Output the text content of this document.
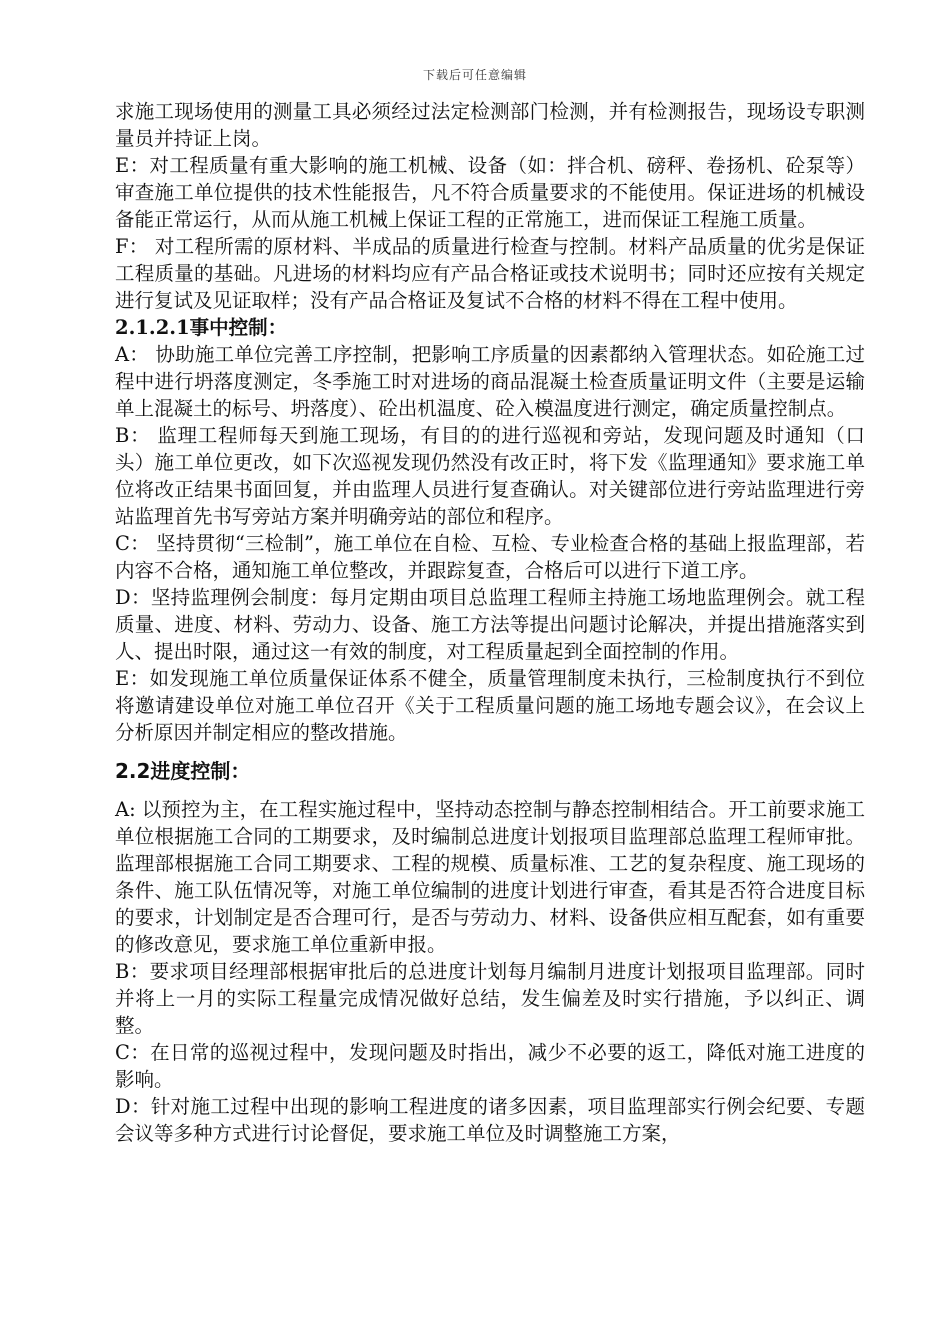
下载后可任意编辑

求施工现场使用的测量工具必须经过法定检测部门检测，并有检测报告，现场设专职测量员并持证上岗。

E：对工程质量有重大影响的施工机械、设备（如：拌合机、磅秤、卷扬机、砼泵等）审查施工单位提供的技术性能报告，凡不符合质量要求的不能使用。保证进场的机械设备能正常运行，从而从施工机械上保证工程的正常施工，进而保证工程施工质量。

F： 对工程所需的原材料、半成品的质量进行检查与控制。材料产品质量的优劣是保证工程质量的基础。凡进场的材料均应有产品合格证或技术说明书；同时还应按有关规定进行复试及见证取样；没有产品合格证及复试不合格的材料不得在工程中使用。

2.1.2.1事中控制：

A： 协助施工单位完善工序控制，把影响工序质量的因素都纳入管理状态。如砼施工过程中进行坍落度测定，冬季施工时对进场的商品混凝土检查质量证明文件（主要是运输单上混凝土的标号、坍落度）、砼出机温度、砼入模温度进行测定，确定质量控制点。

B： 监理工程师每天到施工现场，有目的的进行巡视和旁站，发现问题及时通知（口头）施工单位更改，如下次巡视发现仍然没有改正时，将下发《监理通知》要求施工单位将改正结果书面回复，并由监理人员进行复查确认。对关键部位进行旁站监理进行旁站监理首先书写旁站方案并明确旁站的部位和程序。

C： 坚持贯彻“三检制”，施工单位在自检、互检、专业检查合格的基础上报监理部，若内容不合格，通知施工单位整改，并跟踪复查，合格后可以进行下道工序。

D：坚持监理例会制度：每月定期由项目总监理工程师主持施工场地监理例会。就工程质量、进度、材料、劳动力、设备、施工方法等提出问题讨论解决，并提出措施落实到人、提出时限，通过这一有效的制度，对工程质量起到全面控制的作用。

E：如发现施工单位质量保证体系不健全，质量管理制度未执行，三检制度执行不到位将邀请建设单位对施工单位召开《关于工程质量问题的施工场地专题会议》，在会议上分析原因并制定相应的整改措施。

2.2进度控制：

A: 以预控为主，在工程实施过程中，坚持动态控制与静态控制相结合。开工前要求施工单位根据施工合同的工期要求，及时编制总进度计划报项目监理部总监理工程师审批。监理部根据施工合同工期要求、工程的规模、质量标准、工艺的复杂程度、施工现场的条件、施工队伍情况等，对施工单位编制的进度计划进行审查，看其是否符合进度目标的要求，计划制定是否合理可行，是否与劳动力、材料、设备供应相互配套，如有重要的修改意见，要求施工单位重新申报。

B：要求项目经理部根据审批后的总进度计划每月编制月进度计划报项目监理部。同时并将上一月的实际工程量完成情况做好总结，发生偏差及时实行措施，予以纠正、调整。

C：在日常的巡视过程中，发现问题及时指出，减少不必要的返工，降低对施工进度的影响。

D：针对施工过程中出现的影响工程进度的诸多因素，项目监理部实行例会纪要、专题会议等多种方式进行讨论督促，要求施工单位及时调整施工方案，
